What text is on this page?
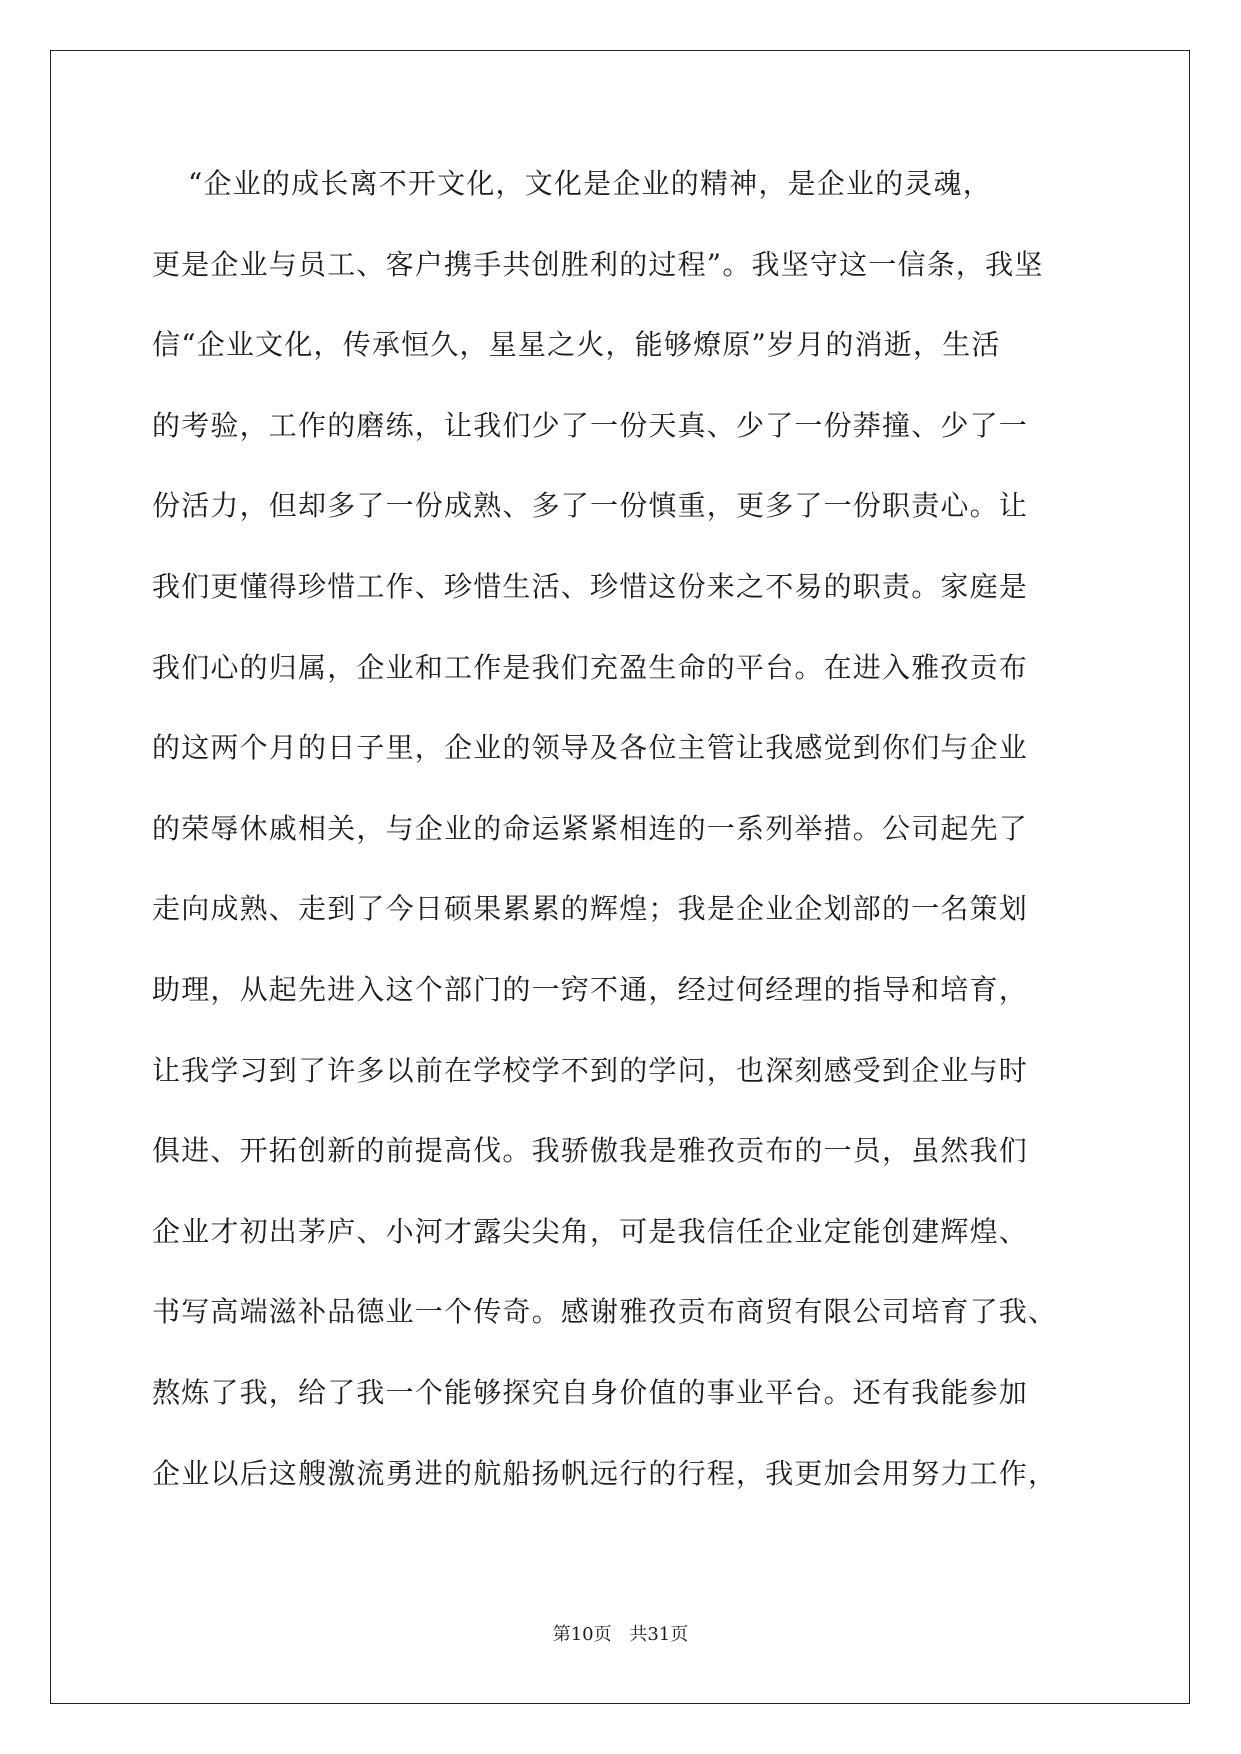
“企业的成长离不开文化，文化是企业的精神，是企业的灵魂，
更是企业与员工、客户携手共创胜利的过程”。我坚守这一信条，我坚
信“企业文化，传承恒久，星星之火，能够燎原”岁月的消逝，生活
的考验，工作的磨练，让我们少了一份天真、少了一份莽撞、少了一
份活力，但却多了一份成熟、多了一份慎重，更多了一份职责心。让
我们更懂得珍惜工作、珍惜生活、珍惜这份来之不易的职责。家庭是
我们心的归属，企业和工作是我们充盈生命的平台。在进入雅孜贡布
的这两个月的日子里，企业的领导及各位主管让我感觉到你们与企业
的荣辱休戚相关，与企业的命运紧紧相连的一系列举措。公司起先了
走向成熟、走到了今日硕果累累的辉煌；我是企业企划部的一名策划
助理，从起先进入这个部门的一窍不通，经过何经理的指导和培育，
让我学习到了许多以前在学校学不到的学问，也深刻感受到企业与时
俱进、开拓创新的前提高伐。我骄傲我是雅孜贡布的一员，虽然我们
企业才初出茅庐、小河才露尖尖角，可是我信任企业定能创建辉煌、
书写高端滋补品德业一个传奇。感谢雅孜贡布商贸有限公司培育了我、
熬炼了我，给了我一个能够探究自身价值的事业平台。还有我能参加
企业以后这艘激流勇进的航船扬帆远行的行程，我更加会用努力工作，
第10页 共31页
